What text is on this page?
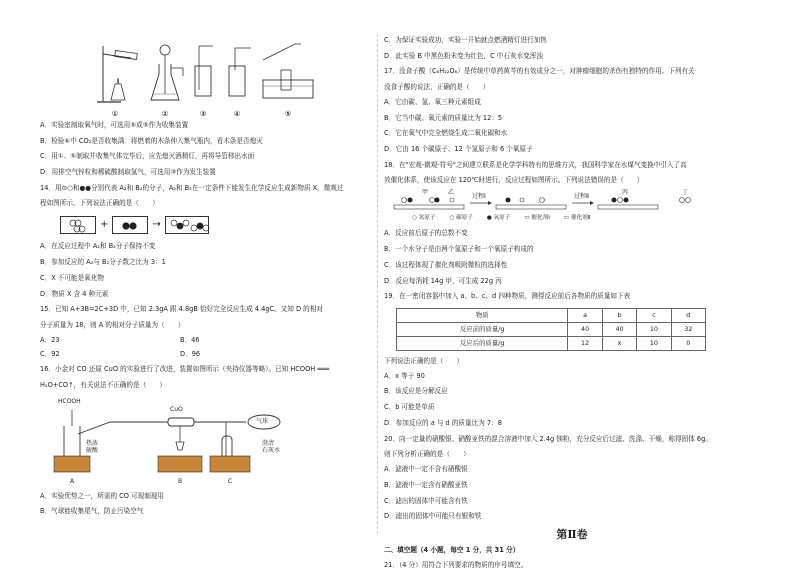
①	②	③	④	⑤
A．实验室制取氧气时，可选用⑤或⑤作为收集装置
B．检验⑥中 CO₂是否收集满：将燃着的木条伸入集气瓶内，看木条是否熄灭
C．用①、⑤制取并收集气体完毕后，应先熄灭酒精灯，再将导管移出水面
D．用排空气锌粒和稀硫酸制取氢气，可选用③作为发生装置
14．用⊙○和●●分别代表 A₂和 B₂的分子，A₂和 B₂在一定条件下能发生化学反应生成新物质 X，微观过
程如图所示，下列说法正确的是（　　）
+	→
A．在反应过程中 A₂和 B₂分子保持不变
B．参加反应的 A₂与 B₂分子数之比为 3：1
C．X 不可能是氧化物
D．物质 X 含 4 种元素
15．已知 A+3B=2C+3D 中，已知 2.3gA 跟 4.8gB 恰好完全反应生成 4.4gC。又知 D 的相对
分子质量为 18，则 A 的相对分子质量为（　　）
A．23	B．46
C．92	D．96
16．小金对 CO 还原 CuO 的实验进行了改进，装置如图所示（夹持仪器等略）。已知 HCOOH ═══
H₂O+CO↑，有关说法不正确的是（　　）
HCOOH
CuO
气球
热浓
硫酸
澄清
石灰水
A	B	C
A．实验优势之一，所需的 CO 可现制现用
B．气球能收集尾气，防止污染空气
C．为保证实验成功，实验一开始就点燃酒精灯进行加热
D．此实验 B 中黑色粉末变为红色，C 中石灰水变浑浊
17．没食子酸（C₆H₁₂O₆）是传统中草药黄芩的有效成分之一，对肿瘤细胞的杀伤有独特的作用。下列有关
没食子酸的说法，正确的是（　　）
A．它由碳、氢、氧三种元素组成
B．它当中碳、氧元素的质量比为 12：5
C．它在氧气中完全燃烧生成二氧化碳和水
D．它由 16 个碳原子、12 个氢原子和 6 个氧原子
18．在"宏观-微观-符号"之间建立联系是化学学科特有的思维方式，我国科学家在水煤气变换中引入了高
效催化体系，使该反应在 120℃时进行，反应过程如图所示。下列说法错误的是（　　）
甲	乙
过程Ⅰ	过程Ⅱ
丙	丁
○ 氢原子	○ 碳原子	● 氧原子	▭ 催化剂Ⅰ	▭ 催化剂Ⅱ
A．反应前后原子的总数不变
B．一个水分子是由两个氢原子和一个氧原子构成的
C．该过程体现了催化剂吸附微粒的选择性
D．反应每消耗 14g 甲，可生成 22g 丙
19．在一密闭容器中加入 a、b、c、d 四种物质，测得反应前后各物质的质量如下表
物质	a	b	c	d
反应前的质量/g	40	40	10	32
反应后的质量/g	12	x	10	0
下列说法正确的是（　　）
A．x 等于 90
B．该反应是分解反应
C．b 可能是单质
D．参加反应的 a 与 d 的质量比为 7：8
20．向一定量的硝酸银、硝酸亚铁的混合溶液中加入 2.4g 镁粉，充分反应后过滤、洗涤、干燥，称得固体 6g。
则下列分析正确的是（　　）
A．滤液中一定不含有硝酸银
B．滤液中一定含有硝酸亚铁
C．滤出的固体中可能含有铁
D．滤出的固体中可能只有银和铁
第Ⅱ卷
二、填空题（4 小题，每空 1 分，共 31 分）
21．（4 分）用符合下列要求的物质的序号填空。
